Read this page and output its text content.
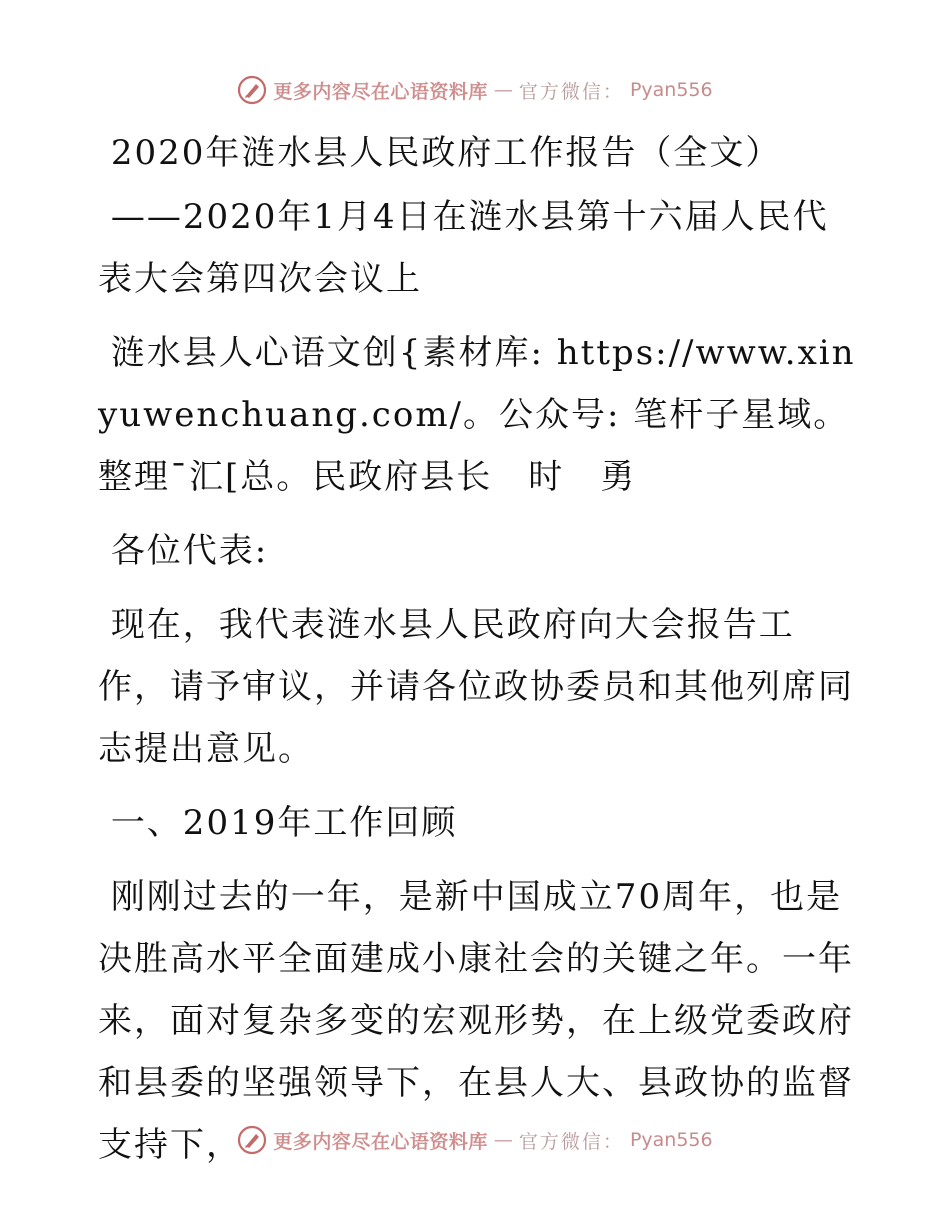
更多内容尽在心语资料库 — 官方微信： Pyan556

2020年涟水县人民政府工作报告（全文）

——2020年1月4日在涟水县第十六届人民代表大会第四次会议上

涟水县人心语文创{素材库: https://www.xinyuwenchuang.com/。公众号: 笔杆子星域。整理¯汇[总。民政府县长　时　勇

各位代表:

现在，我代表涟水县人民政府向大会报告工作，请予审议，并请各位政协委员和其他列席同志提出意见。

一、2019年工作回顾

刚刚过去的一年，是新中国成立70周年，也是决胜高水平全面建成小康社会的关键之年。一年来，面对复杂多变的宏观形势，在上级党委政府和县委的坚强领导下，在县人大、县政协的监督支持下，	更多内容尽在心语资料库 — 官方微信： Pyan556
